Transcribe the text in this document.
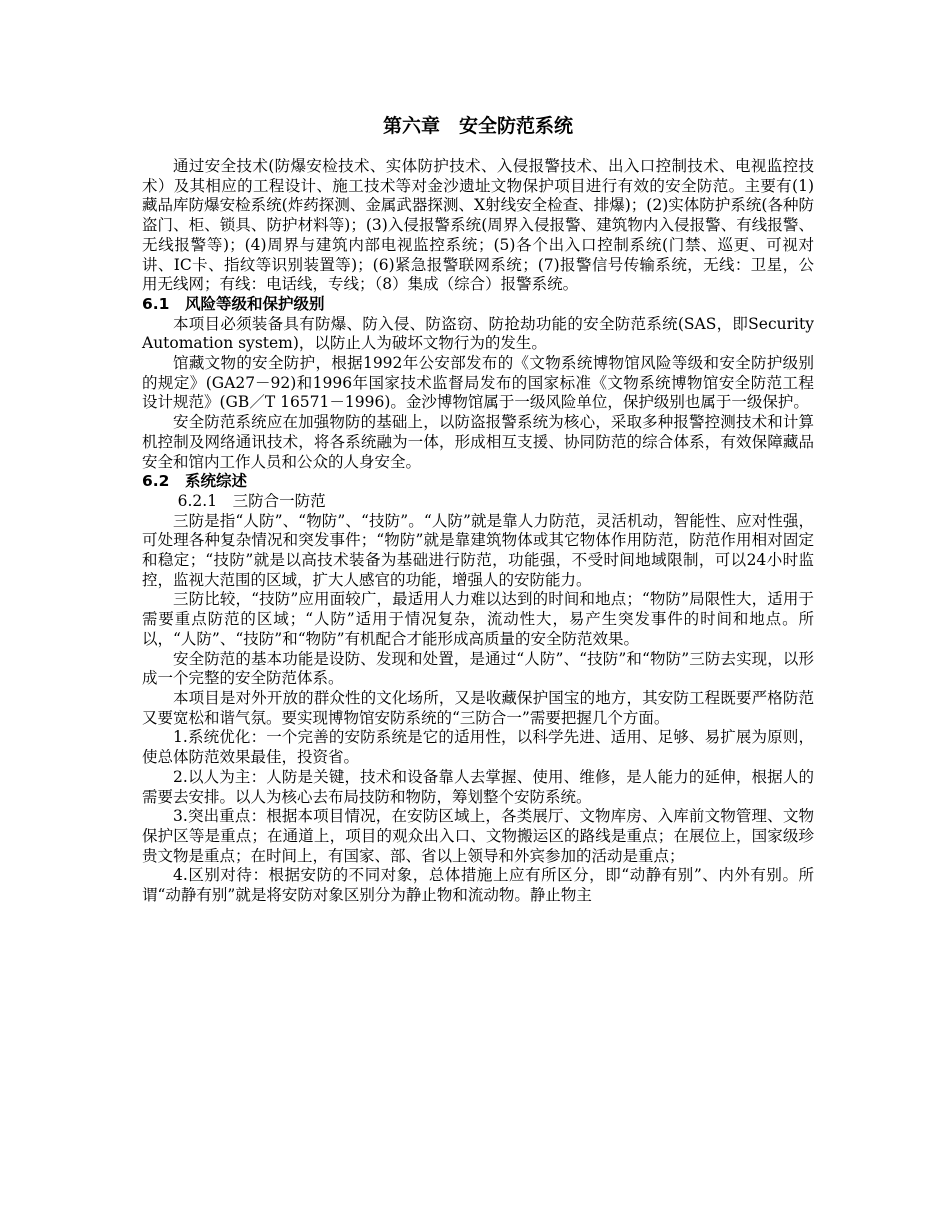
第六章　安全防范系统

通过安全技术(防爆安检技术、实体防护技术、入侵报警技术、出入口控制技术、电视监控技术）及其相应的工程设计、施工技术等对金沙遗址文物保护项目进行有效的安全防范。主要有(1)藏品库防爆安检系统(炸药探测、金属武器探测、X射线安全检查、排爆)；(2)实体防护系统(各种防盗门、柜、锁具、防护材料等)；(3)入侵报警系统(周界入侵报警、建筑物内入侵报警、有线报警、无线报警等)；(4)周界与建筑内部电视监控系统；(5)各个出入口控制系统(门禁、巡更、可视对讲、IC卡、指纹等识别装置等)；(6)紧急报警联网系统；(7)报警信号传输系统，无线：卫星，公用无线网；有线：电话线，专线；（8）集成（综合）报警系统。

6.1　风险等级和保护级别

本项目必须装备具有防爆、防入侵、防盗窃、防抢劫功能的安全防范系统(SAS，即Security　Automation system)，以防止人为破坏文物行为的发生。

馆藏文物的安全防护，根据1992年公安部发布的《文物系统博物馆风险等级和安全防护级别的规定》(GA27－92)和1996年国家技术监督局发布的国家标准《文物系统博物馆安全防范工程设计规范》(GB／T 16571－1996)。金沙博物馆属于一级风险单位，保护级别也属于一级保护。

安全防范系统应在加强物防的基础上，以防盗报警系统为核心，采取多种报警控测技术和计算机控制及网络通讯技术，将各系统融为一体，形成相互支援、协同防范的综合体系，有效保障藏品安全和馆内工作人员和公众的人身安全。

6.2　系统综述
6.2.1　三防合一防范

三防是指“人防”、“物防”、“技防”。“人防”就是靠人力防范，灵活机动，智能性、应对性强，可处理各种复杂情况和突发事件；“物防”就是靠建筑物体或其它物体作用防范，防范作用相对固定和稳定；“技防”就是以高技术装备为基础进行防范，功能强，不受时间地域限制，可以24小时监控，监视大范围的区域，扩大人感官的功能，增强人的安防能力。

三防比较，“技防”应用面较广，最适用人力难以达到的时间和地点；“物防”局限性大，适用于需要重点防范的区域；“人防”适用于情况复杂，流动性大，易产生突发事件的时间和地点。所以，“人防”、“技防”和“物防”有机配合才能形成高质量的安全防范效果。

安全防范的基本功能是设防、发现和处置，是通过“人防”、“技防”和“物防”三防去实现，以形成一个完整的安全防范体系。

本项目是对外开放的群众性的文化场所，又是收藏保护国宝的地方，其安防工程既要严格防范又要宽松和谐气氛。要实现博物馆安防系统的“三防合一”需要把握几个方面。

1.系统优化：一个完善的安防系统是它的适用性，以科学先进、适用、足够、易扩展为原则，使总体防范效果最佳，投资省。

2.以人为主：人防是关键，技术和设备靠人去掌握、使用、维修，是人能力的延伸，根据人的需要去安排。以人为核心去布局技防和物防，筹划整个安防系统。

3.突出重点：根据本项目情况，在安防区域上，各类展厅、文物库房、入库前文物管理、文物保护区等是重点；在通道上，项目的观众出入口、文物搬运区的路线是重点；在展位上，国家级珍贵文物是重点；在时间上，有国家、部、省以上领导和外宾参加的活动是重点；

4.区别对待：根据安防的不同对象，总体措施上应有所区分，即“动静有别”、内外有别。所谓“动静有别”就是将安防对象区别分为静止物和流动物。静止物主
